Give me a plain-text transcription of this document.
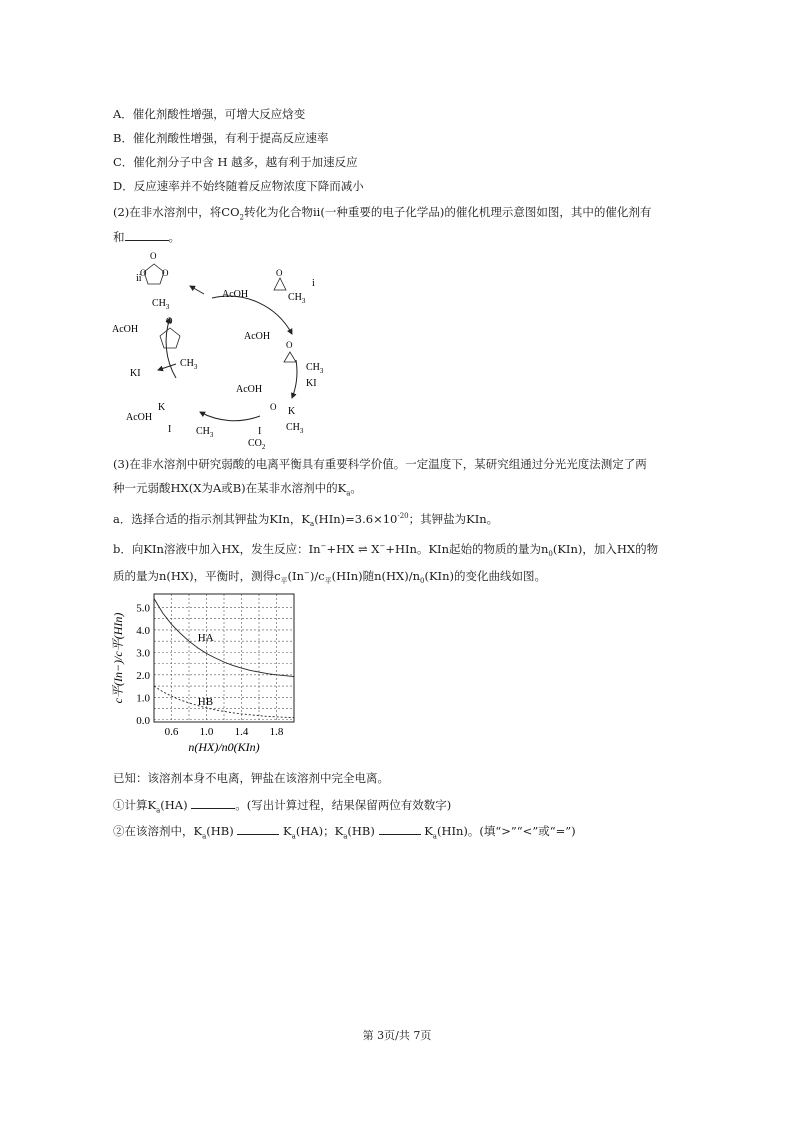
A．催化剂酸性增强，可增大反应焓变
B．催化剂酸性增强，有利于提高反应速率
C．催化剂分子中含 H 越多，越有利于加速反应
D．反应速率并不始终随着反应物浓度下降而减小
(2)在非水溶剂中，将$CO_2$转化为化合物ii(一种重要的电子化学品)的催化机理示意图如图，其中的催化剂有
和	。
ii
O
O
O
$CH_3$
AcOH
O
i
$CH_3$
AcOH
O
$CH_3$
KI
AcOH
O K
I $CH_3$
$CO_2$
AcOH
O
$CH_3$
KI
K
AcOH
I $CH_3$
(3)在非水溶剂中研究弱酸的电离平衡具有重要科学价值。一定温度下，某研究组通过分光光度法测定了两
种一元弱酸HX(X为A或B)在某非水溶剂中的$K_a$。
a．选择合适的指示剂其钾盐为KIn，$K_a(HIn)=3.6\times 10^{-20}$；其钾盐为KIn。
b．向KIn溶液中加入HX，发生反应：In−+HX ⇌ X−+HIn。KIn起始的物质的量为$n_0(KIn)$，加入HX的物
质的量为n(HX)，平衡时，测得$c_平(In^-)/c_平(HIn)$随$n(HX)/n_0(KIn)$的变化曲线如图。
0.6 1.0 1.4 1.8
0.0
1.0
2.0
3.0
4.0
5.0
HA
HB
n(HX)/n0(KIn)
c平(In−)/c平(HIn)
已知：该溶剂本身不电离，钾盐在该溶剂中完全电离。
①计算$K_a(HA)$	。(写出计算过程，结果保留两位有效数字)
②在该溶剂中，$K_a(HB)$	$K_a(HA)$；$K_a(HB)$	$K_a(HIn)$。(填“>”“<”或“=”)
第 3页/共 7页
